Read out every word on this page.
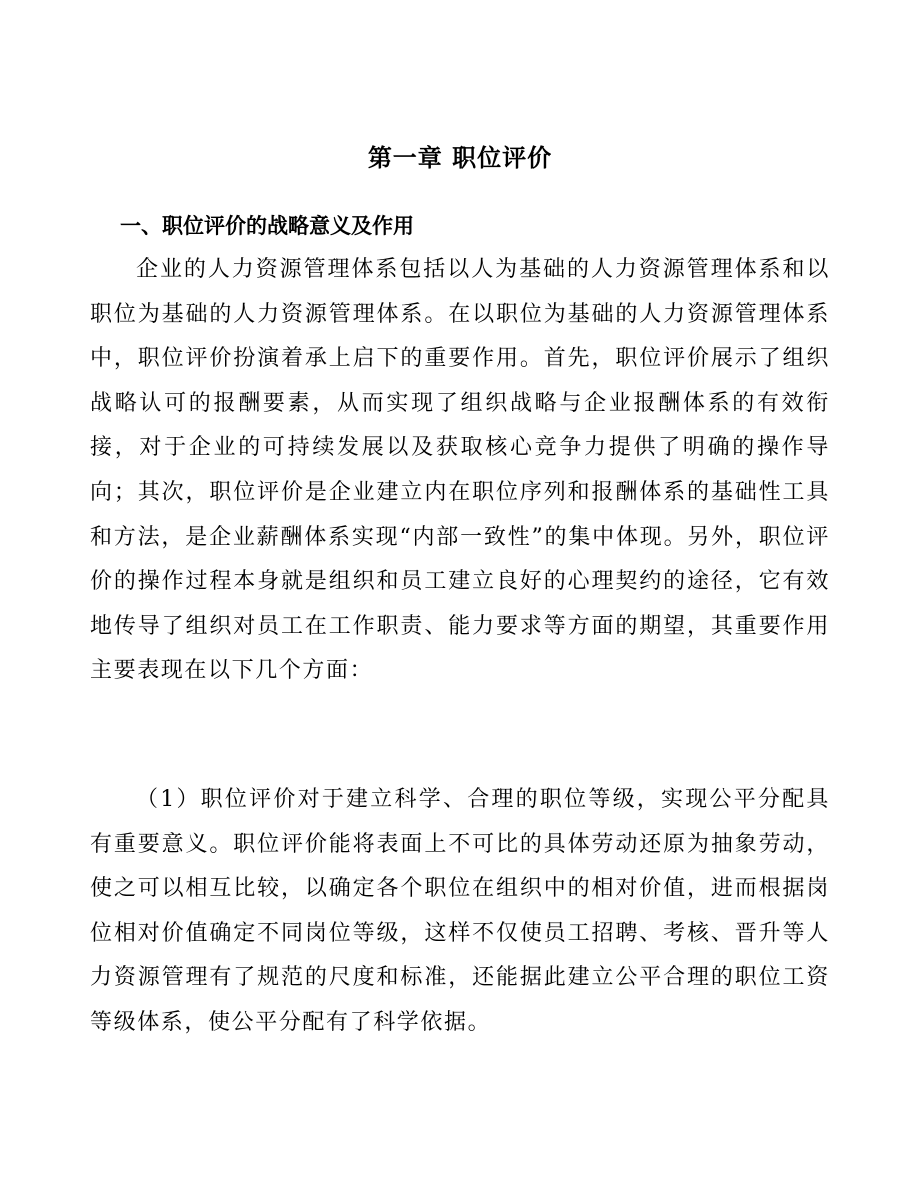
第一章 职位评价
一、职位评价的战略意义及作用

企业的人力资源管理体系包括以人为基础的人力资源管理体系和以职位为基础的人力资源管理体系。在以职位为基础的人力资源管理体系中，职位评价扮演着承上启下的重要作用。首先，职位评价展示了组织战略认可的报酬要素，从而实现了组织战略与企业报酬体系的有效衔接，对于企业的可持续发展以及获取核心竞争力提供了明确的操作导向；其次，职位评价是企业建立内在职位序列和报酬体系的基础性工具和方法，是企业薪酬体系实现“内部一致性”的集中体现。另外，职位评价的操作过程本身就是组织和员工建立良好的心理契约的途径，它有效地传导了组织对员工在工作职责、能力要求等方面的期望，其重要作用主要表现在以下几个方面：

（1）职位评价对于建立科学、合理的职位等级，实现公平分配具有重要意义。职位评价能将表面上不可比的具体劳动还原为抽象劳动，使之可以相互比较，以确定各个职位在组织中的相对价值，进而根据岗位相对价值确定不同岗位等级，这样不仅使员工招聘、考核、晋升等人力资源管理有了规范的尺度和标准，还能据此建立公平合理的职位工资等级体系，使公平分配有了科学依据。
